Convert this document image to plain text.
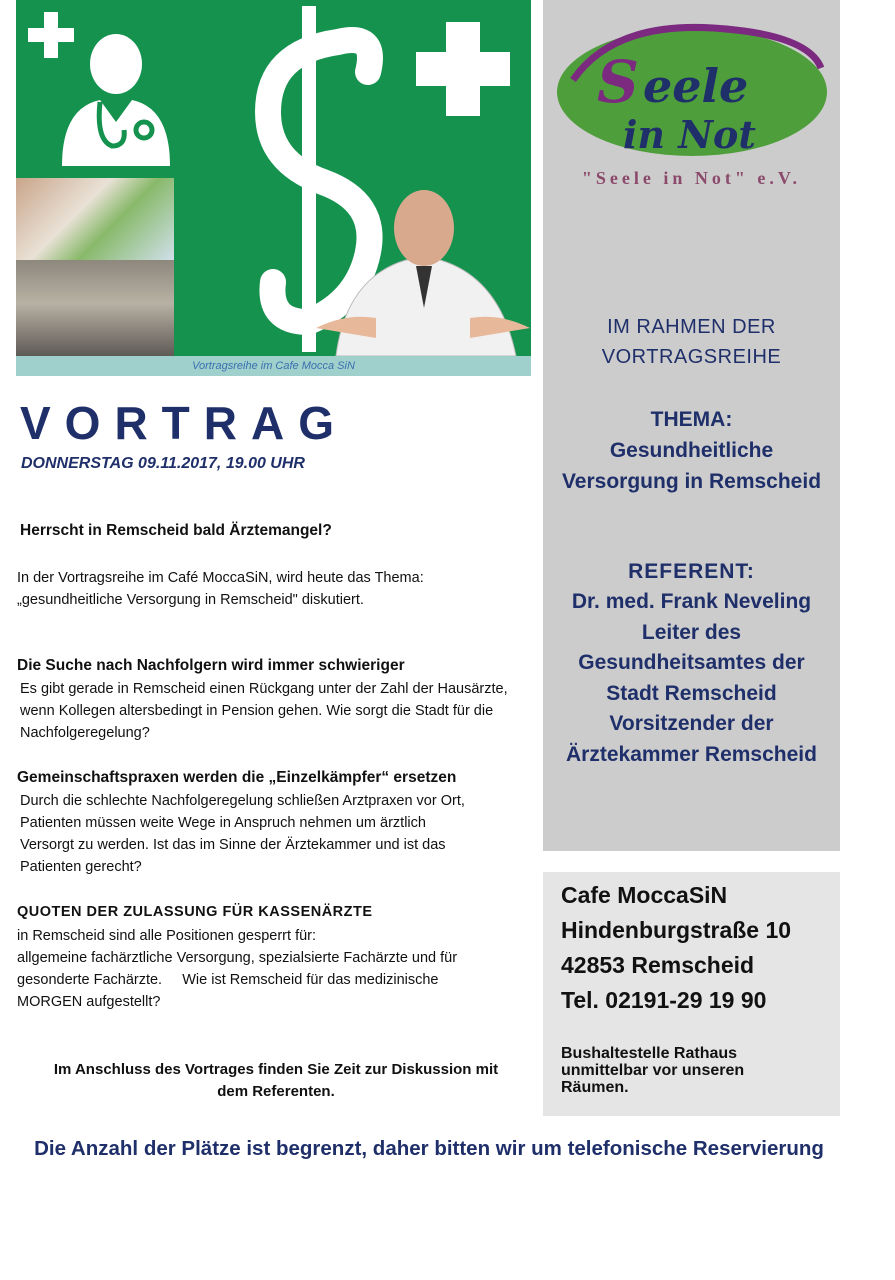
Vortragsreihe im Cafe Mocca SiN
S eele
in Not
"Seele in Not" e.V.
IM RAHMEN DER
VORTRAGSREIHE
THEMA:
Gesundheitliche
Versorgung in Remscheid
REFERENT:
Dr. med. Frank Neveling
Leiter des
Gesundheitsamtes der
Stadt Remscheid
Vorsitzender der
Ärztekammer Remscheid
Cafe MoccaSiN
Hindenburgstraße 10
42853 Remscheid
Tel. 02191-29 19 90
Bushaltestelle Rathaus
unmittelbar vor unseren
Räumen.
VORTRAG
DONNERSTAG 09.11.2017, 19.00 UHR
Herrscht in Remscheid bald Ärztemangel?
In der Vortragsreihe im Café MoccaSiN, wird heute das Thema:
„gesundheitliche Versorgung in Remscheid" diskutiert.
Die Suche nach Nachfolgern wird immer schwieriger
Es gibt gerade in Remscheid einen Rückgang unter der Zahl der Hausärzte,
wenn Kollegen altersbedingt in Pension gehen. Wie sorgt die Stadt für die
Nachfolgeregelung?
Gemeinschaftspraxen werden die „Einzelkämpfer“ ersetzen
Durch die schlechte Nachfolgeregelung schließen Arztpraxen vor Ort,
Patienten müssen weite Wege in Anspruch nehmen um ärztlich
Versorgt zu werden. Ist das im Sinne der Ärztekammer und ist das
Patienten gerecht?
QUOTEN DER ZULASSUNG FÜR KASSENÄRZTE
in Remscheid sind alle Positionen gesperrt für:
allgemeine fachärztliche Versorgung, spezialsierte Fachärzte und für
gesonderte Fachärzte.     Wie ist Remscheid für das medizinische
MORGEN aufgestellt?
Im Anschluss des Vortrages finden Sie Zeit zur Diskussion mit
dem Referenten.
Die Anzahl der Plätze ist begrenzt, daher bitten wir um telefonische Reservierung
